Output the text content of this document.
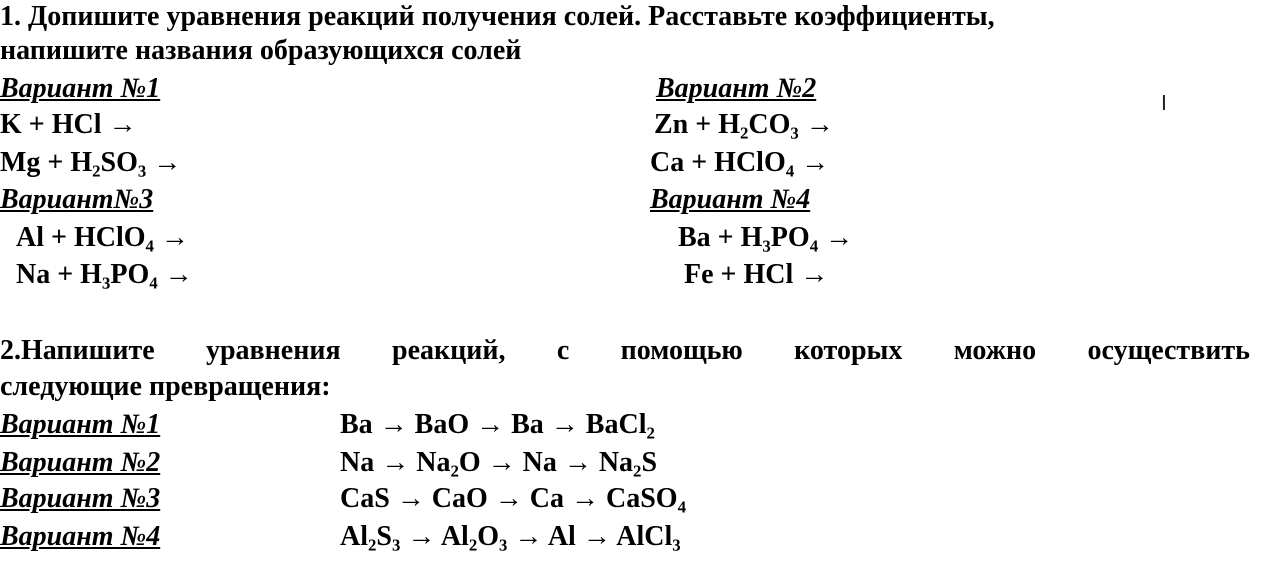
1. Допишите уравнения реакций получения солей. Расставьте коэффициенты,
напишите названия образующихся солей
Вариант №1	Вариант №2	I
K + HCl →	Zn + H₂CO₃ →
Mg + H₂SO₃ →	Ca + HClO₄ →
Вариант№3	Вариант №4
Al + HClO₄ →	Ba + H₃PO₄ →
Na + H₃PO₄ →	Fe + HCl →
2.Напишите уравнения реакций, с помощью которых можно осуществить
следующие превращения:
Вариант №1	Ba → BaO → Ba → BaCl₂
Вариант №2	Na → Na₂O → Na → Na₂S
Вариант №3	CaS → CaO → Ca → CaSO₄
Вариант №4	Al₂S₃ → Al₂O₃ → Al → AlCl₃
